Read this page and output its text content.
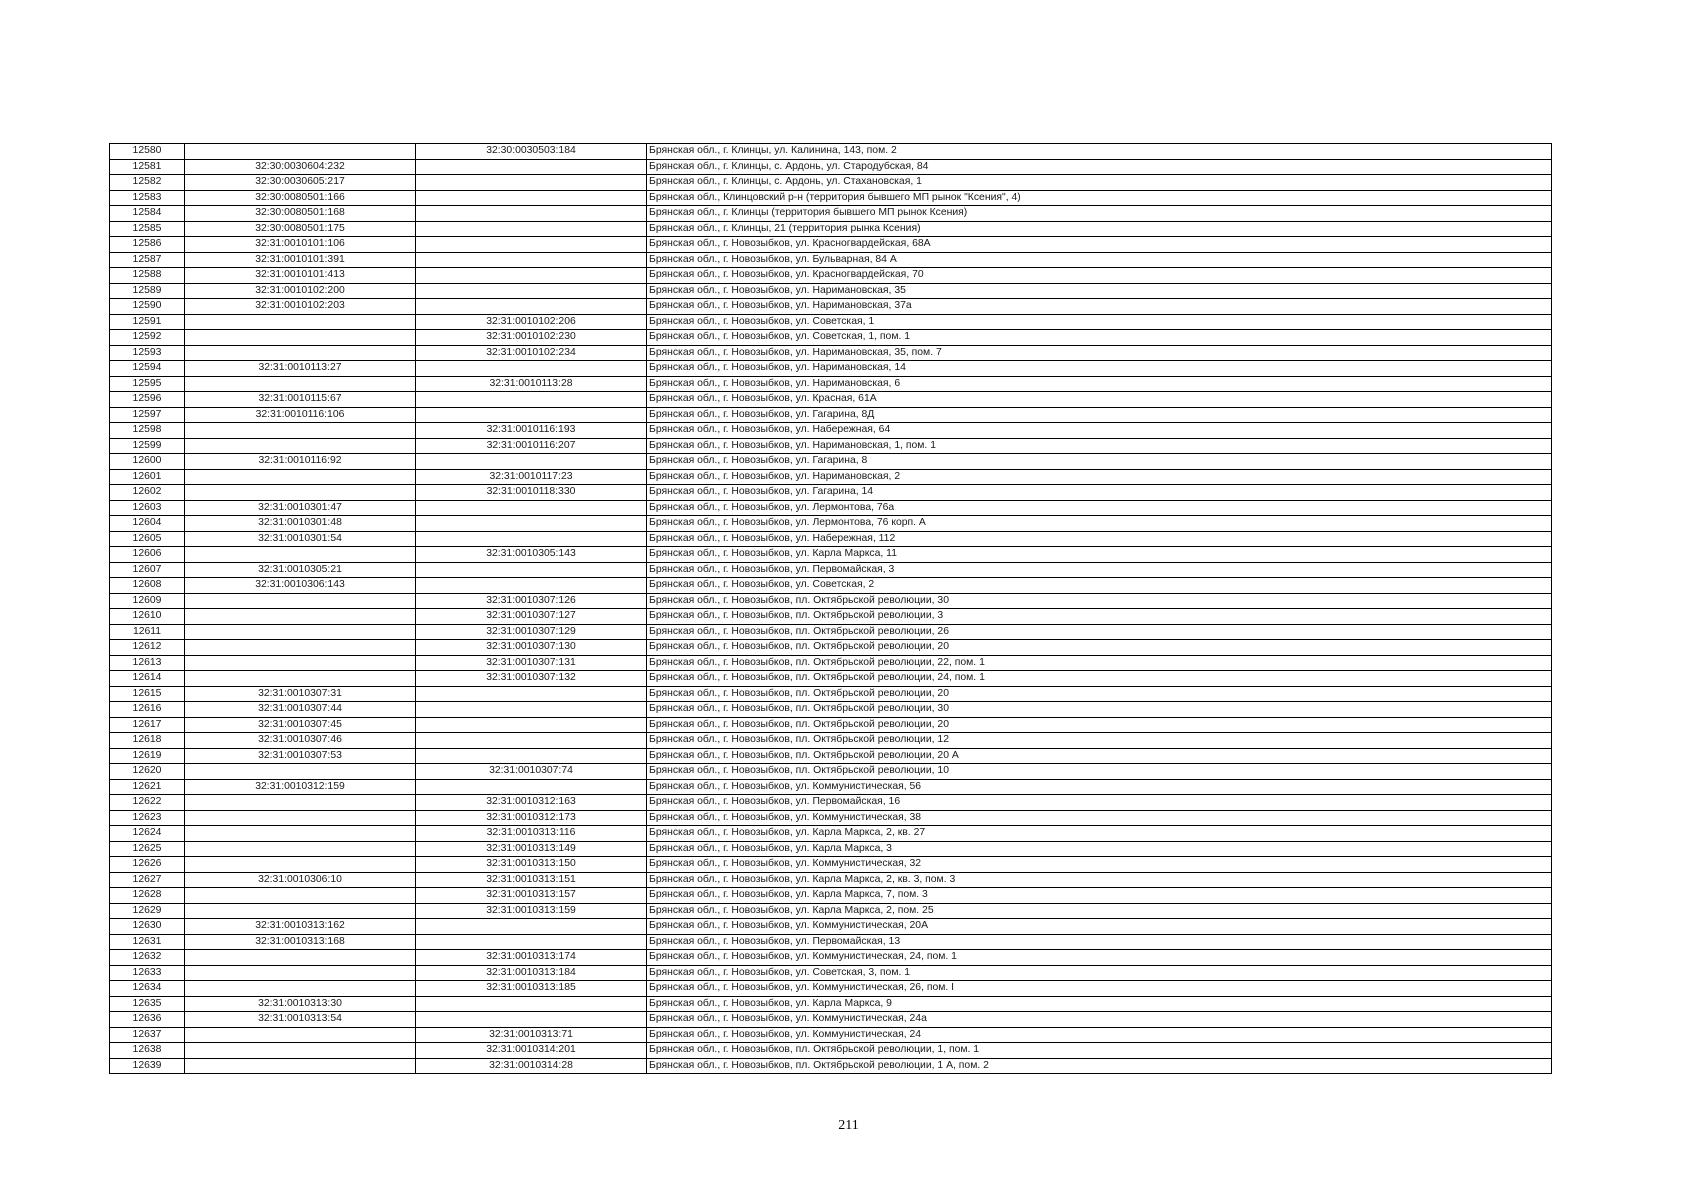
12580		32:30:0030503:184	Брянская обл., г. Клинцы, ул. Калинина, 143, пом. 2
12581	32:30:0030604:232		Брянская обл., г. Клинцы, с. Ардонь, ул. Стародубская, 84
12582	32:30:0030605:217		Брянская обл., г. Клинцы, с. Ардонь, ул. Стахановская, 1
12583	32:30:0080501:166		Брянская обл., Клинцовский р-н (территория бывшего МП рынок "Ксения", 4)
12584	32:30:0080501:168		Брянская обл., г. Клинцы (территория бывшего МП рынок Ксения)
12585	32:30:0080501:175		Брянская обл., г. Клинцы, 21 (территория рынка Ксения)
12586	32:31:0010101:106		Брянская обл., г. Новозыбков, ул. Красногвардейская, 68А
12587	32:31:0010101:391		Брянская обл., г. Новозыбков, ул. Бульварная, 84 А
12588	32:31:0010101:413		Брянская обл., г. Новозыбков, ул. Красногвардейская, 70
12589	32:31:0010102:200		Брянская обл., г. Новозыбков, ул. Наримановская, 35
12590	32:31:0010102:203		Брянская обл., г. Новозыбков, ул. Наримановская, 37а
12591		32:31:0010102:206	Брянская обл., г. Новозыбков, ул. Советская, 1
12592		32:31:0010102:230	Брянская обл., г. Новозыбков, ул. Советская, 1, пом. 1
12593		32:31:0010102:234	Брянская обл., г. Новозыбков, ул. Наримановская, 35, пом. 7
12594	32:31:0010113:27		Брянская обл., г. Новозыбков, ул. Наримановская, 14
12595		32:31:0010113:28	Брянская обл., г. Новозыбков, ул. Наримановская, 6
12596	32:31:0010115:67		Брянская обл., г. Новозыбков, ул. Красная, 61А
12597	32:31:0010116:106		Брянская обл., г. Новозыбков, ул. Гагарина, 8Д
12598		32:31:0010116:193	Брянская обл., г. Новозыбков, ул. Набережная, 64
12599		32:31:0010116:207	Брянская обл., г. Новозыбков, ул. Наримановская, 1, пом. 1
12600	32:31:0010116:92		Брянская обл., г. Новозыбков, ул. Гагарина, 8
12601		32:31:0010117:23	Брянская обл., г. Новозыбков, ул. Наримановская, 2
12602		32:31:0010118:330	Брянская обл., г. Новозыбков, ул. Гагарина, 14
12603	32:31:0010301:47		Брянская обл., г. Новозыбков, ул. Лермонтова, 76а
12604	32:31:0010301:48		Брянская обл., г. Новозыбков, ул. Лермонтова, 76 корп. А
12605	32:31:0010301:54		Брянская обл., г. Новозыбков, ул. Набережная, 112
12606		32:31:0010305:143	Брянская обл., г. Новозыбков, ул. Карла Маркса, 11
12607	32:31:0010305:21		Брянская обл., г. Новозыбков, ул. Первомайская, 3
12608	32:31:0010306:143		Брянская обл., г. Новозыбков, ул. Советская, 2
12609		32:31:0010307:126	Брянская обл., г. Новозыбков, пл. Октябрьской революции, 30
12610		32:31:0010307:127	Брянская обл., г. Новозыбков, пл. Октябрьской революции, 3
12611		32:31:0010307:129	Брянская обл., г. Новозыбков, пл. Октябрьской революции, 26
12612		32:31:0010307:130	Брянская обл., г. Новозыбков, пл. Октябрьской революции, 20
12613		32:31:0010307:131	Брянская обл., г. Новозыбков, пл. Октябрьской революции, 22, пом. 1
12614		32:31:0010307:132	Брянская обл., г. Новозыбков, пл. Октябрьской революции, 24, пом. 1
12615	32:31:0010307:31		Брянская обл., г. Новозыбков, пл. Октябрьской революции, 20
12616	32:31:0010307:44		Брянская обл., г. Новозыбков, пл. Октябрьской революции, 30
12617	32:31:0010307:45		Брянская обл., г. Новозыбков, пл. Октябрьской революции, 20
12618	32:31:0010307:46		Брянская обл., г. Новозыбков, пл. Октябрьской революции, 12
12619	32:31:0010307:53		Брянская обл., г. Новозыбков, пл. Октябрьской революции, 20 А
12620		32:31:0010307:74	Брянская обл., г. Новозыбков, пл. Октябрьской революции, 10
12621	32:31:0010312:159		Брянская обл., г. Новозыбков, ул. Коммунистическая, 56
12622		32:31:0010312:163	Брянская обл., г. Новозыбков, ул. Первомайская, 16
12623		32:31:0010312:173	Брянская обл., г. Новозыбков, ул. Коммунистическая, 38
12624		32:31:0010313:116	Брянская обл., г. Новозыбков, ул. Карла Маркса, 2, кв. 27
12625		32:31:0010313:149	Брянская обл., г. Новозыбков, ул. Карла Маркса, 3
12626		32:31:0010313:150	Брянская обл., г. Новозыбков, ул. Коммунистическая, 32
12627	32:31:0010306:10	32:31:0010313:151	Брянская обл., г. Новозыбков, ул. Карла Маркса, 2, кв. 3, пом. 3
12628		32:31:0010313:157	Брянская обл., г. Новозыбков, ул. Карла Маркса, 7, пом. 3
12629		32:31:0010313:159	Брянская обл., г. Новозыбков, ул. Карла Маркса, 2, пом. 25
12630	32:31:0010313:162		Брянская обл., г. Новозыбков, ул. Коммунистическая, 20А
12631	32:31:0010313:168		Брянская обл., г. Новозыбков, ул. Первомайская, 13
12632		32:31:0010313:174	Брянская обл., г. Новозыбков, ул. Коммунистическая, 24, пом. 1
12633		32:31:0010313:184	Брянская обл., г. Новозыбков, ул. Советская, 3, пом. 1
12634		32:31:0010313:185	Брянская обл., г. Новозыбков, ул. Коммунистическая, 26, пом. I
12635	32:31:0010313:30		Брянская обл., г. Новозыбков, ул. Карла Маркса, 9
12636	32:31:0010313:54		Брянская обл., г. Новозыбков, ул. Коммунистическая, 24а
12637		32:31:0010313:71	Брянская обл., г. Новозыбков, ул. Коммунистическая, 24
12638		32:31:0010314:201	Брянская обл., г. Новозыбков, пл. Октябрьской революции, 1, пом. 1
12639		32:31:0010314:28	Брянская обл., г. Новозыбков, пл. Октябрьской революции, 1 А, пом. 2
211
